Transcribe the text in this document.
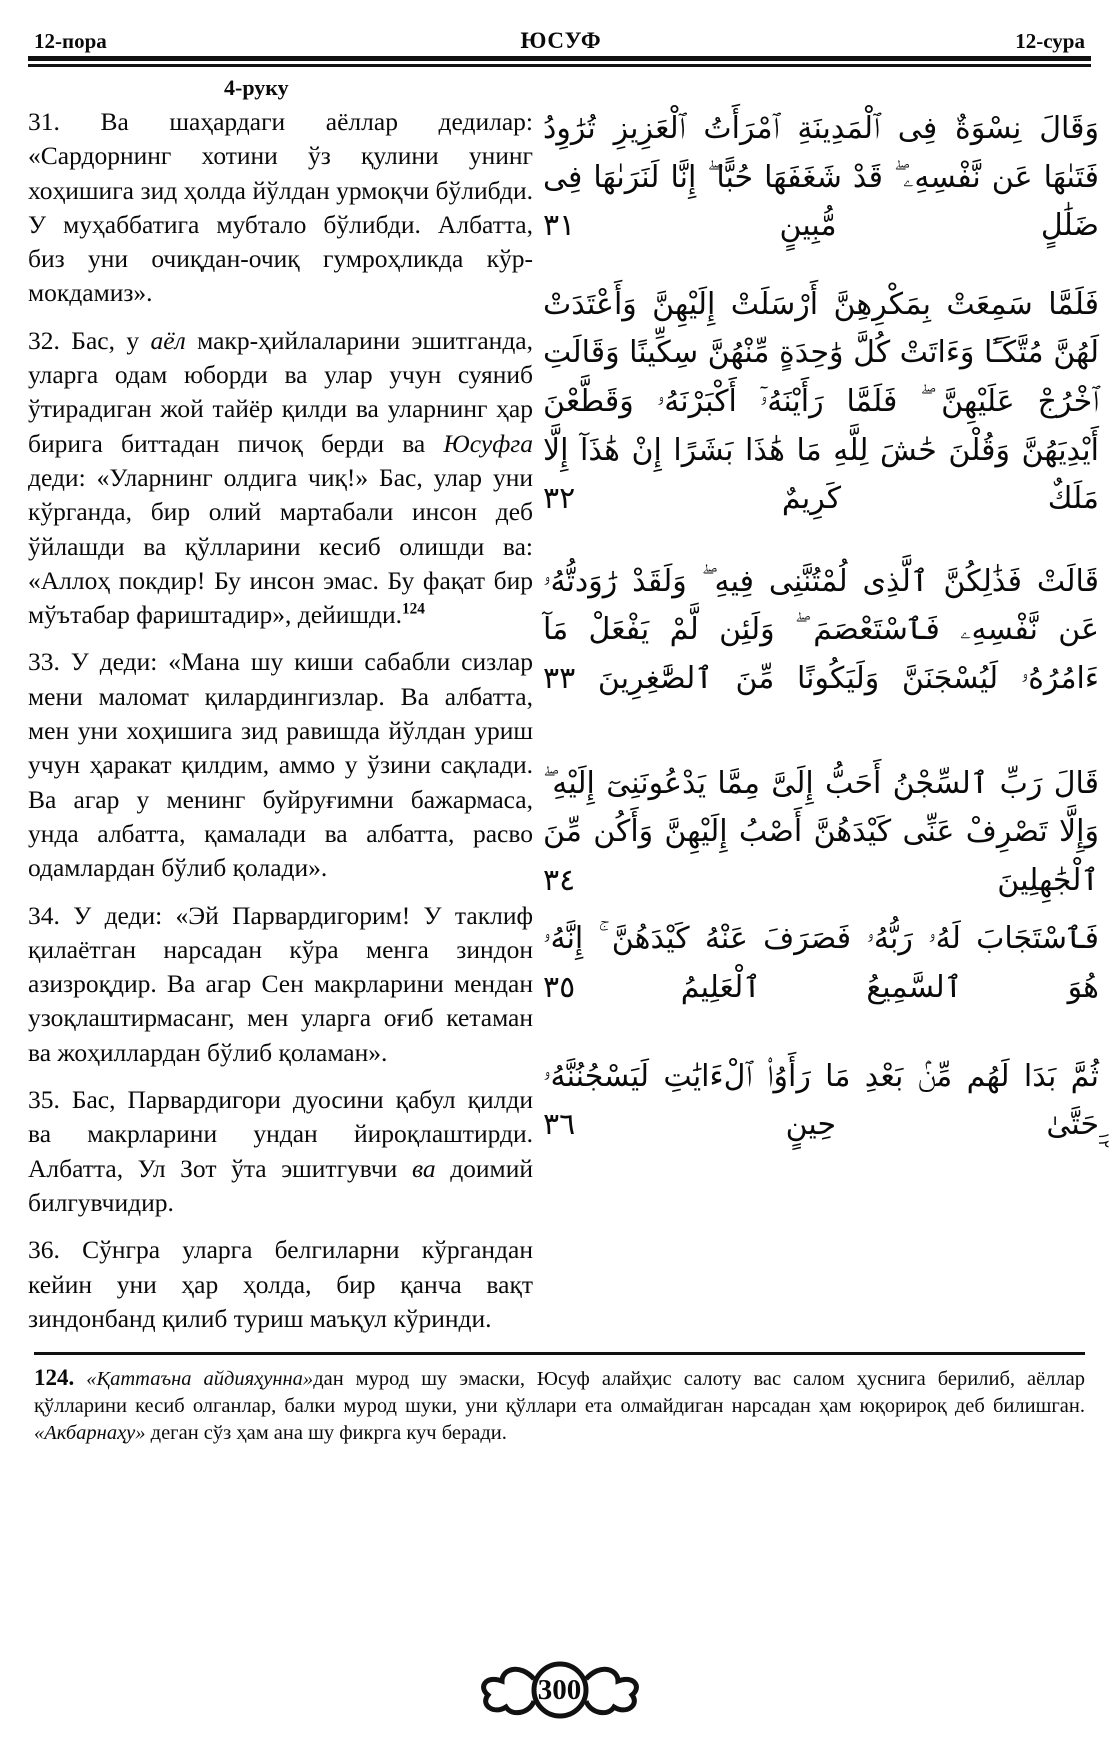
12-пора	ЮСУФ	12-сура
4-руку

31. Ва шаҳардаги аёллар дедилар: «Сардорнинг хотини ўз қулини унинг хоҳишига зид ҳолда йўлдан урмоқчи бўлибди. У муҳаббатига мубтало бўлибди. Албатта, биз уни очиқдан-очиқ гумроҳликда кўрмокдамиз».

32. Бас, у аёл макр-ҳийлаларини эшитганда, уларга одам юборди ва улар учун суяниб ўтирадиган жой тайёр қилди ва уларнинг ҳар бирига биттадан пичоқ берди ва Юсуфга деди: «Уларнинг олдига чиқ!» Бас, улар уни кўрганда, бир олий мартабали инсон деб ўйлашди ва қўлларини кесиб олишди ва: «Аллоҳ покдир! Бу инсон эмас. Бу фақат бир мўътабар фариштадир», дейишди.$^{124}$

33. У деди: «Мана шу киши сабабли сизлар мени маломат қилардингизлар. Ва албатта, мен уни хоҳишига зид равишда йўлдан уриш учун ҳаракат қилдим, аммо у ўзини сақлади. Ва агар у менинг буйруғимни бажармаса, унда албатта, қамалади ва албатта, расво одамлардан бўлиб қолади».

34. У деди: «Эй Парвардигорим! У таклиф қилаётган нарсадан кўра менга зиндон азизроқдир. Ва агар Сен макрларини мендан узоқлаштирмасанг, мен уларга оғиб кетаман ва жоҳиллардан бўлиб қоламан».

35. Бас, Парвардигори дуосини қабул қилди ва макрларини ундан йироқлаштирди. Албатта, Ул Зот ўта эшитгувчи ва доимий билгувчидир.

36. Сўнгра уларга белгиларни кўргандан кейин уни ҳар ҳолда, бир қанча вақт зиндонбанд қилиб туриш маъқул кўринди.

وَقَالَ نِسْوَةٌ فِى ٱلْمَدِينَةِ ٱمْرَأَتُ ٱلْعَزِيزِ تُرَٰوِدُ فَتَىٰهَا عَن نَّفْسِهِۦ ۖ قَدْ شَغَفَهَا حُبًّا ۖ إِنَّا لَنَرَىٰهَا فِى ضَلَٰلٍ مُّبِينٍ ٣١

فَلَمَّا سَمِعَتْ بِمَكْرِهِنَّ أَرْسَلَتْ إِلَيْهِنَّ وَأَعْتَدَتْ لَهُنَّ مُتَّكَـًٔا وَءَاتَتْ كُلَّ وَٰحِدَةٍ مِّنْهُنَّ سِكِّينًا وَقَالَتِ ٱخْرُجْ عَلَيْهِنَّ ۖ فَلَمَّا رَأَيْنَهُۥٓ أَكْبَرْنَهُۥ وَقَطَّعْنَ أَيْدِيَهُنَّ وَقُلْنَ حَٰشَ لِلَّهِ مَا هَٰذَا بَشَرًا إِنْ هَٰذَآ إِلَّا مَلَكٌ كَرِيمٌ ٣٢

قَالَتْ فَذَٰلِكُنَّ ٱلَّذِى لُمْتُنَّنِى فِيهِ ۖ وَلَقَدْ رَٰوَدتُّهُۥ عَن نَّفْسِهِۦ فَٱسْتَعْصَمَ ۖ وَلَئِن لَّمْ يَفْعَلْ مَآ ءَامُرُهُۥ لَيُسْجَنَنَّ وَلَيَكُونًا مِّنَ ٱلصَّٰغِرِينَ ٣٣

قَالَ رَبِّ ٱلسِّجْنُ أَحَبُّ إِلَىَّ مِمَّا يَدْعُونَنِىٓ إِلَيْهِ ۖ وَإِلَّا تَصْرِفْ عَنِّى كَيْدَهُنَّ أَصْبُ إِلَيْهِنَّ وَأَكُن مِّنَ ٱلْجَٰهِلِينَ ٣٤

فَٱسْتَجَابَ لَهُۥ رَبُّهُۥ فَصَرَفَ عَنْهُ كَيْدَهُنَّ ۚ إِنَّهُۥ هُوَ ٱلسَّمِيعُ ٱلْعَلِيمُ ٣٥

ثُمَّ بَدَا لَهُم مِّنۢ بَعْدِ مَا رَأَوُا۟ ٱلْءَايَٰتِ لَيَسْجُنُنَّهُۥ حَتَّىٰ حِينٍ ٣٦

١٢

124. «Қаттаъна айдияҳунна»дан мурод шу эмаски, Юсуф алайҳис салоту вас салом ҳуснига берилиб, аёллар қўлларини кесиб олганлар, балки мурод шуки, уни қўллари ета олмайдиган нарсадан ҳам юқорироқ деб билишган. «Акбарнаҳу» деган сўз ҳам ана шу фикрга куч беради.

300
